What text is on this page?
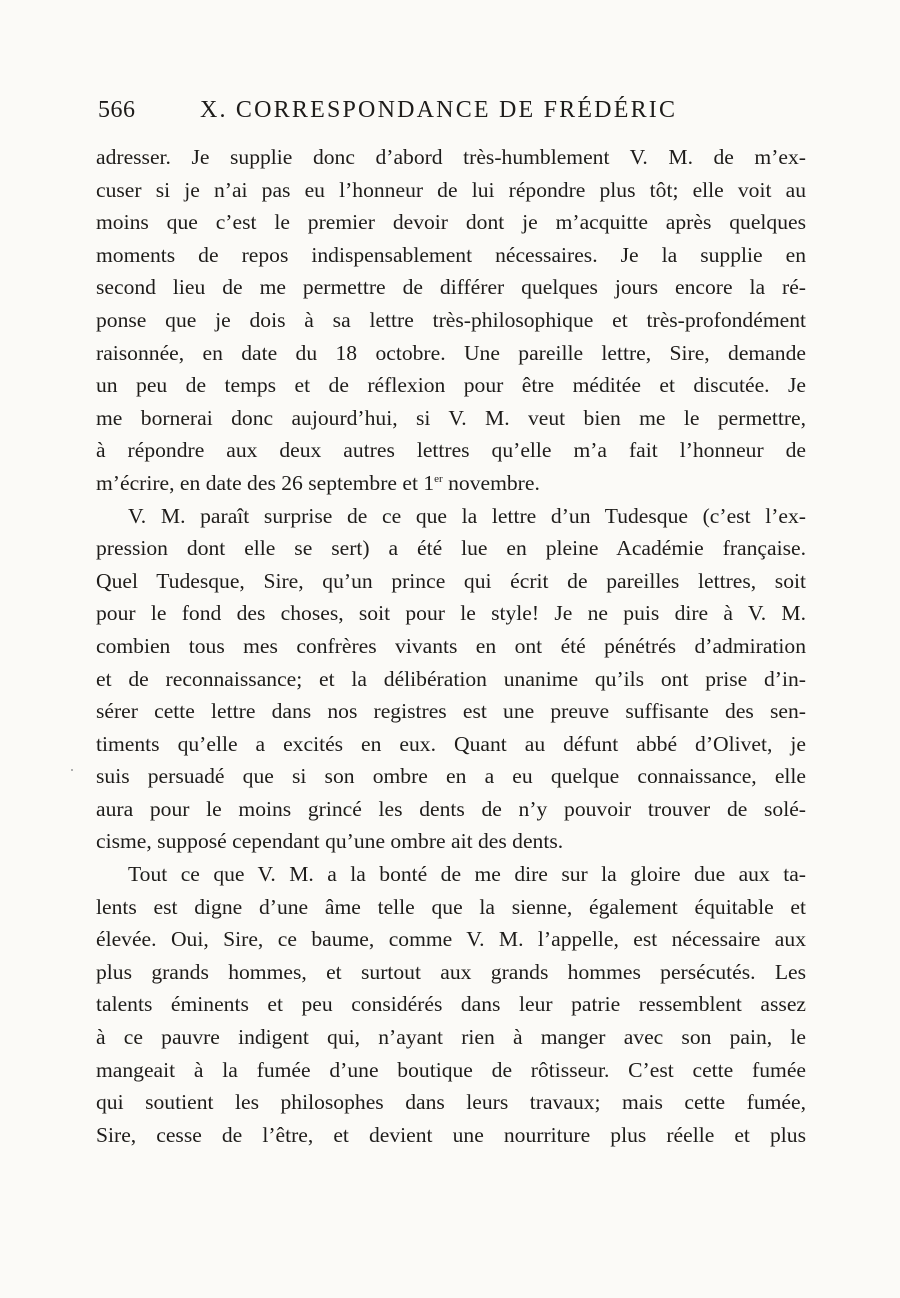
566	X. CORRESPONDANCE DE FRÉDÉRIC
adresser. Je supplie donc d’abord très-humblement V. M. de m’ex-
cuser si je n’ai pas eu l’honneur de lui répondre plus tôt; elle voit au
moins que c’est le premier devoir dont je m’acquitte après quelques
moments de repos indispensablement nécessaires. Je la supplie en
second lieu de me permettre de différer quelques jours encore la ré-
ponse que je dois à sa lettre très-philosophique et très-profondément
raisonnée, en date du 18 octobre. Une pareille lettre, Sire, demande
un peu de temps et de réflexion pour être méditée et discutée. Je
me bornerai donc aujourd’hui, si V. M. veut bien me le permettre,
à répondre aux deux autres lettres qu’elle m’a fait l’honneur de
m’écrire, en date des 26 septembre et 1er novembre.
V. M. paraît surprise de ce que la lettre d’un Tudesque (c’est l’ex-
pression dont elle se sert) a été lue en pleine Académie française.
Quel Tudesque, Sire, qu’un prince qui écrit de pareilles lettres, soit
pour le fond des choses, soit pour le style! Je ne puis dire à V. M.
combien tous mes confrères vivants en ont été pénétrés d’admiration
et de reconnaissance; et la délibération unanime qu’ils ont prise d’in-
sérer cette lettre dans nos registres est une preuve suffisante des sen-
timents qu’elle a excités en eux. Quant au défunt abbé d’Olivet, je
suis persuadé que si son ombre en a eu quelque connaissance, elle
aura pour le moins grincé les dents de n’y pouvoir trouver de solé-
cisme, supposé cependant qu’une ombre ait des dents.
Tout ce que V. M. a la bonté de me dire sur la gloire due aux ta-
lents est digne d’une âme telle que la sienne, également équitable et
élevée. Oui, Sire, ce baume, comme V. M. l’appelle, est nécessaire aux
plus grands hommes, et surtout aux grands hommes persécutés. Les
talents éminents et peu considérés dans leur patrie ressemblent assez
à ce pauvre indigent qui, n’ayant rien à manger avec son pain, le
mangeait à la fumée d’une boutique de rôtisseur. C’est cette fumée
qui soutient les philosophes dans leurs travaux; mais cette fumée,
Sire, cesse de l’être, et devient une nourriture plus réelle et plus
